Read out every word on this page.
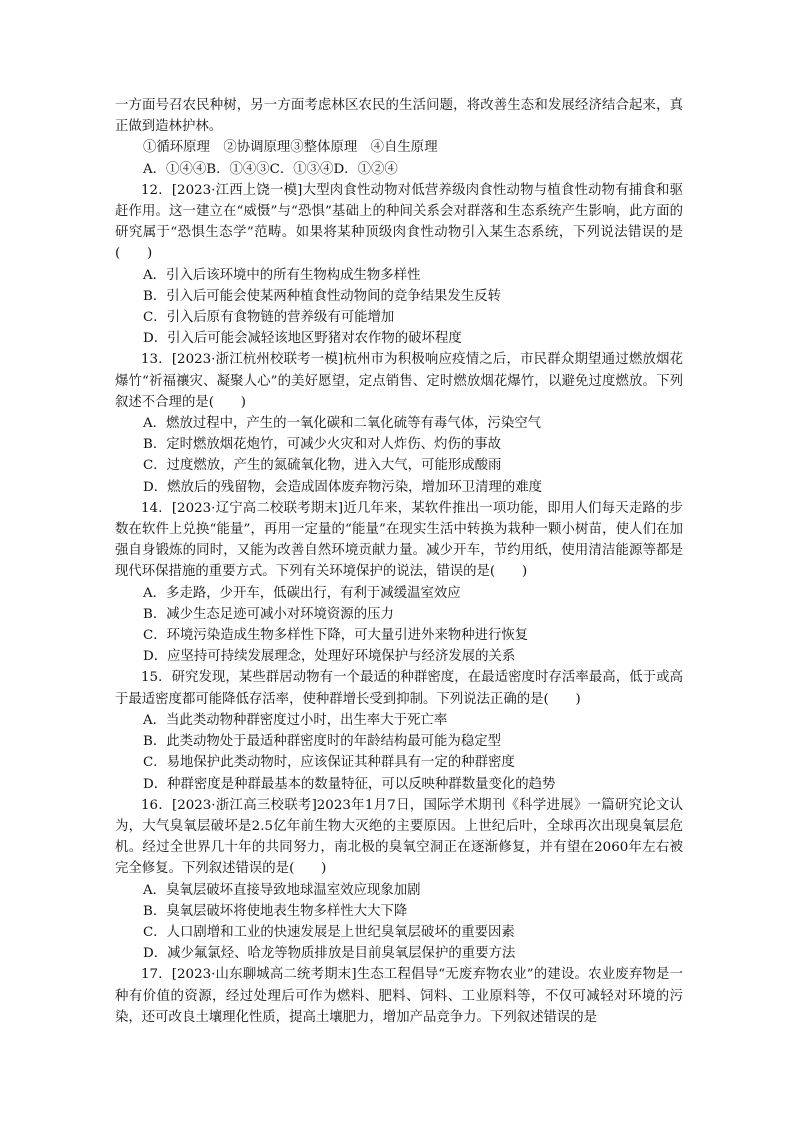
一方面号召农民种树，另一方面考虑林区农民的生活问题，将改善生态和发展经济结合起来，真正做到造林护林。

①循环原理　②协调原理③整体原理　④自生原理

A．①④④B．①④③C．①③④D．①②④

12．[2023·江西上饶一模]大型肉食性动物对低营养级肉食性动物与植食性动物有捕食和驱赶作用。这一建立在“威慑”与“恐惧”基础上的种间关系会对群落和生态系统产生影响，此方面的研究属于“恐惧生态学”范畴。如果将某种顶级肉食性动物引入某生态系统，下列说法错误的是(　　)

A．引入后该环境中的所有生物构成生物多样性

B．引入后可能会使某两种植食性动物间的竞争结果发生反转

C．引入后原有食物链的营养级有可能增加

D．引入后可能会减轻该地区野猪对农作物的破坏程度

13．[2023·浙江杭州校联考一模]杭州市为积极响应疫情之后，市民群众期望通过燃放烟花爆竹“祈福禳灾、凝聚人心”的美好愿望，定点销售、定时燃放烟花爆竹，以避免过度燃放。下列叙述不合理的是(　　)

A．燃放过程中，产生的一氧化碳和二氧化硫等有毒气体，污染空气

B．定时燃放烟花炮竹，可减少火灾和对人炸伤、灼伤的事故

C．过度燃放，产生的氮硫氧化物，进入大气，可能形成酸雨

D．燃放后的残留物，会造成固体废弃物污染，增加环卫清理的难度

14．[2023·辽宁高二校联考期末]近几年来，某软件推出一项功能，即用人们每天走路的步数在软件上兑换“能量”，再用一定量的“能量”在现实生活中转换为栽种一颗小树苗，使人们在加强自身锻炼的同时，又能为改善自然环境贡献力量。减少开车，节约用纸，使用清洁能源等都是现代环保措施的重要方式。下列有关环境保护的说法，错误的是(　　)

A．多走路，少开车，低碳出行，有利于减缓温室效应

B．减少生态足迹可减小对环境资源的压力

C．环境污染造成生物多样性下降，可大量引进外来物种进行恢复

D．应坚持可持续发展理念，处理好环境保护与经济发展的关系

15．研究发现，某些群居动物有一个最适的种群密度，在最适密度时存活率最高，低于或高于最适密度都可能降低存活率，使种群增长受到抑制。下列说法正确的是(　　)

A．当此类动物种群密度过小时，出生率大于死亡率

B．此类动物处于最适种群密度时的年龄结构最可能为稳定型

C．易地保护此类动物时，应该保证其种群具有一定的种群密度

D．种群密度是种群最基本的数量特征，可以反映种群数量变化的趋势

16．[2023·浙江高三校联考]2023年1月7日，国际学术期刊《科学进展》一篇研究论文认为，大气臭氧层破坏是2.5亿年前生物大灭绝的主要原因。上世纪后叶，全球再次出现臭氧层危机。经过全世界几十年的共同努力，南北极的臭氧空洞正在逐渐修复，并有望在2060年左右被完全修复。下列叙述错误的是(　　)

A．臭氧层破坏直接导致地球温室效应现象加剧

B．臭氧层破坏将使地表生物多样性大大下降

C．人口剧增和工业的快速发展是上世纪臭氧层破坏的重要因素

D．减少氟氯烃、哈龙等物质排放是目前臭氧层保护的重要方法

17．[2023·山东聊城高二统考期末]生态工程倡导“无废弃物农业”的建设。农业废弃物是一种有价值的资源，经过处理后可作为燃料、肥料、饲料、工业原料等，不仅可减轻对环境的污染，还可改良土壤理化性质，提高土壤肥力，增加产品竞争力。下列叙述错误的是
